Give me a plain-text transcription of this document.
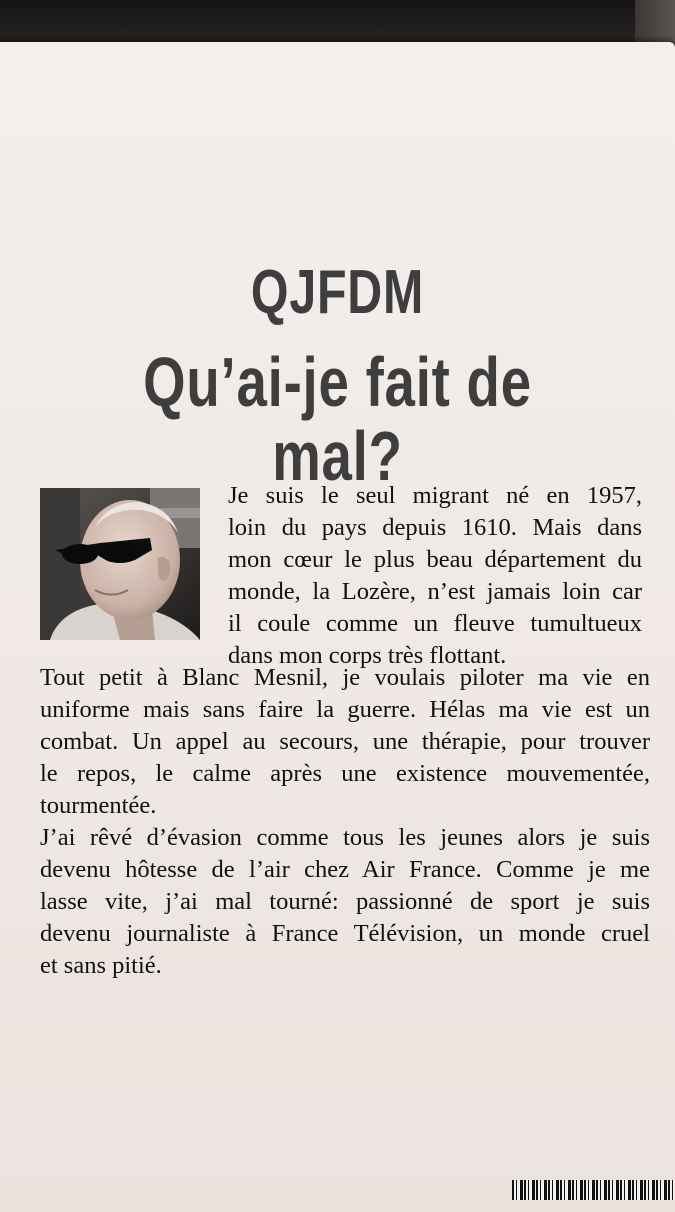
QJFDM
Qu’ai-je fait de mal?
Je suis le seul migrant né en 1957,
loin du pays depuis 1610. Mais dans
mon cœur le plus beau département du
monde, la Lozère, n’est jamais loin car
il coule comme un fleuve tumultueux
dans mon corps très flottant.
Tout petit à Blanc Mesnil, je voulais piloter ma vie en
uniforme mais sans faire la guerre. Hélas ma vie est un
combat. Un appel au secours, une thérapie, pour trouver
le repos, le calme après une existence mouvementée,
tourmentée.
J’ai rêvé d’évasion comme tous les jeunes alors je suis
devenu hôtesse de l’air chez Air France. Comme je me
lasse vite, j’ai mal tourné: passionné de sport je suis
devenu journaliste à France Télévision, un monde cruel
et sans pitié.
